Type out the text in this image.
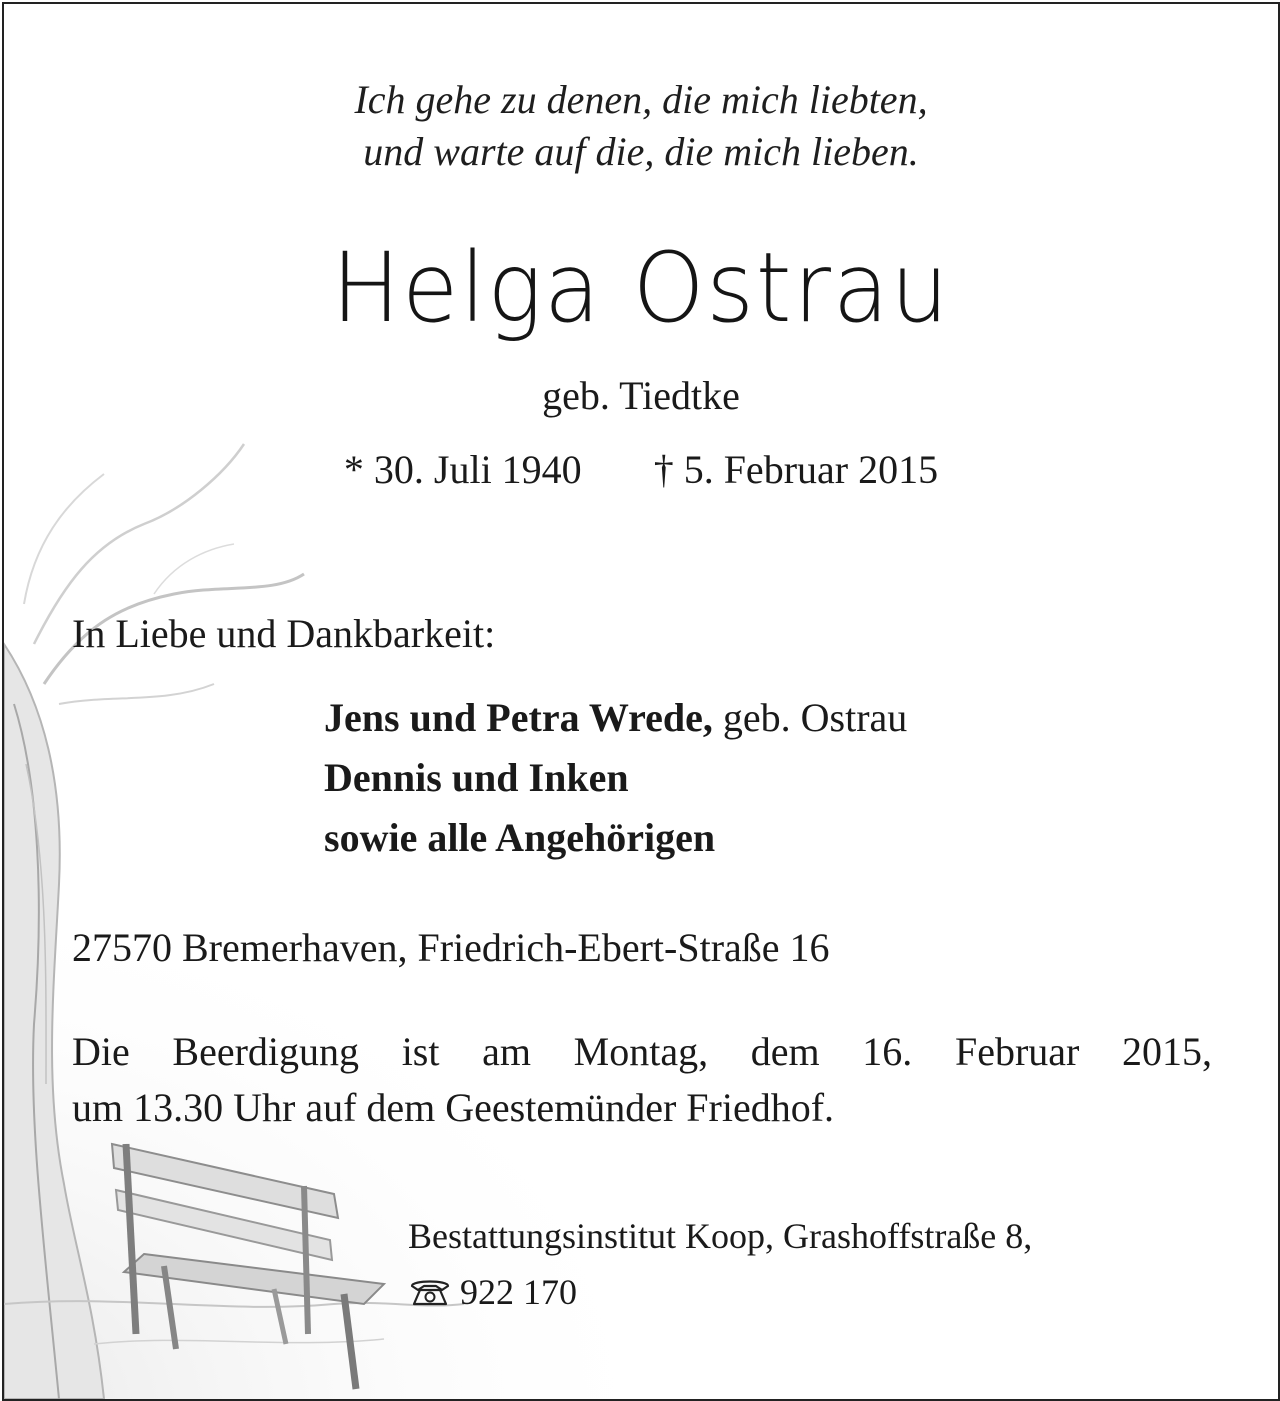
Ich gehe zu denen, die mich liebten,
und warte auf die, die mich lieben.
Helga Ostrau
geb. Tiedtke
* 30. Juli 1940 † 5. Februar 2015
In Liebe und Dankbarkeit:
Jens und Petra Wrede, geb. Ostrau
Dennis und Inken
sowie alle Angehörigen
27570 Bremerhaven, Friedrich-Ebert-Straße 16
Die Beerdigung ist am Montag, dem 16. Februar 2015,
um 13.30 Uhr auf dem Geestemünder Friedhof.
Bestattungsinstitut Koop, Grashoffstraße 8,
922 170
